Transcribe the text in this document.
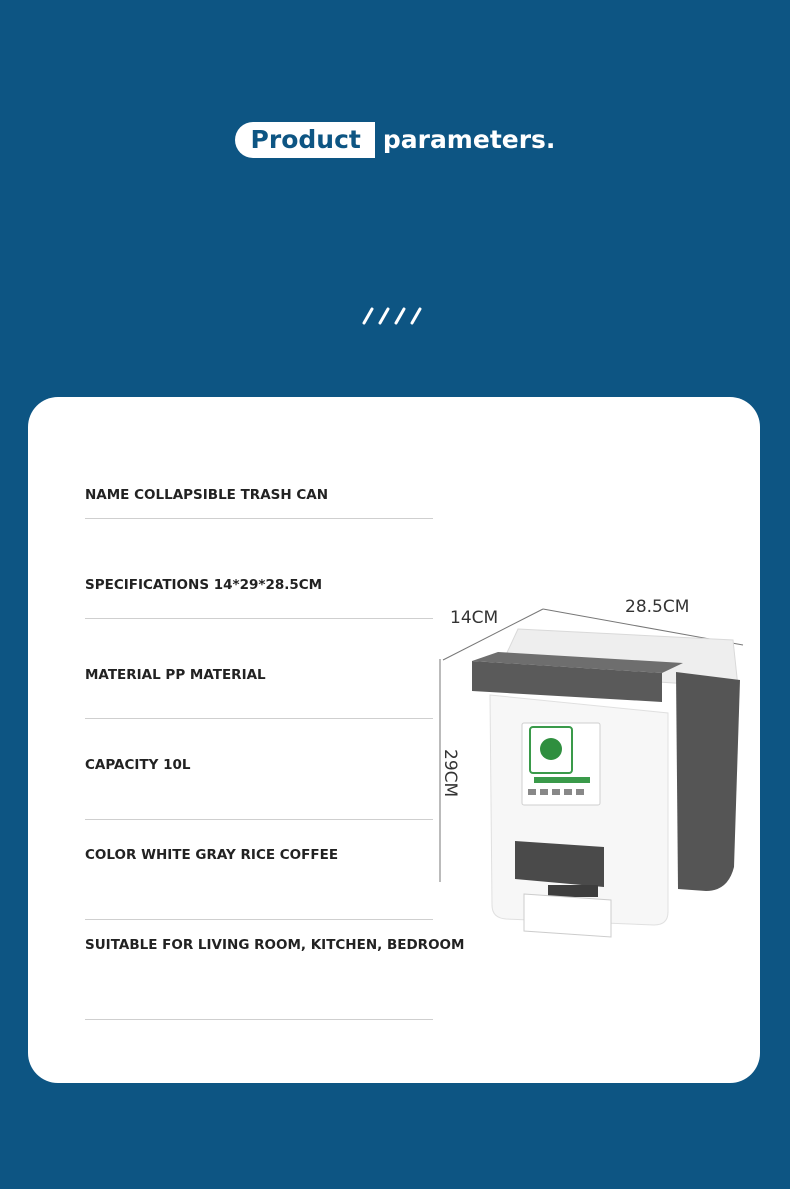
Product parameters.
NAME COLLAPSIBLE TRASH CAN
SPECIFICATIONS 14*29*28.5CM
MATERIAL PP MATERIAL
CAPACITY 10L
COLOR WHITE GRAY RICE COFFEE
SUITABLE FOR LIVING ROOM, KITCHEN, BEDROOM
14CM
28.5CM
29CM
